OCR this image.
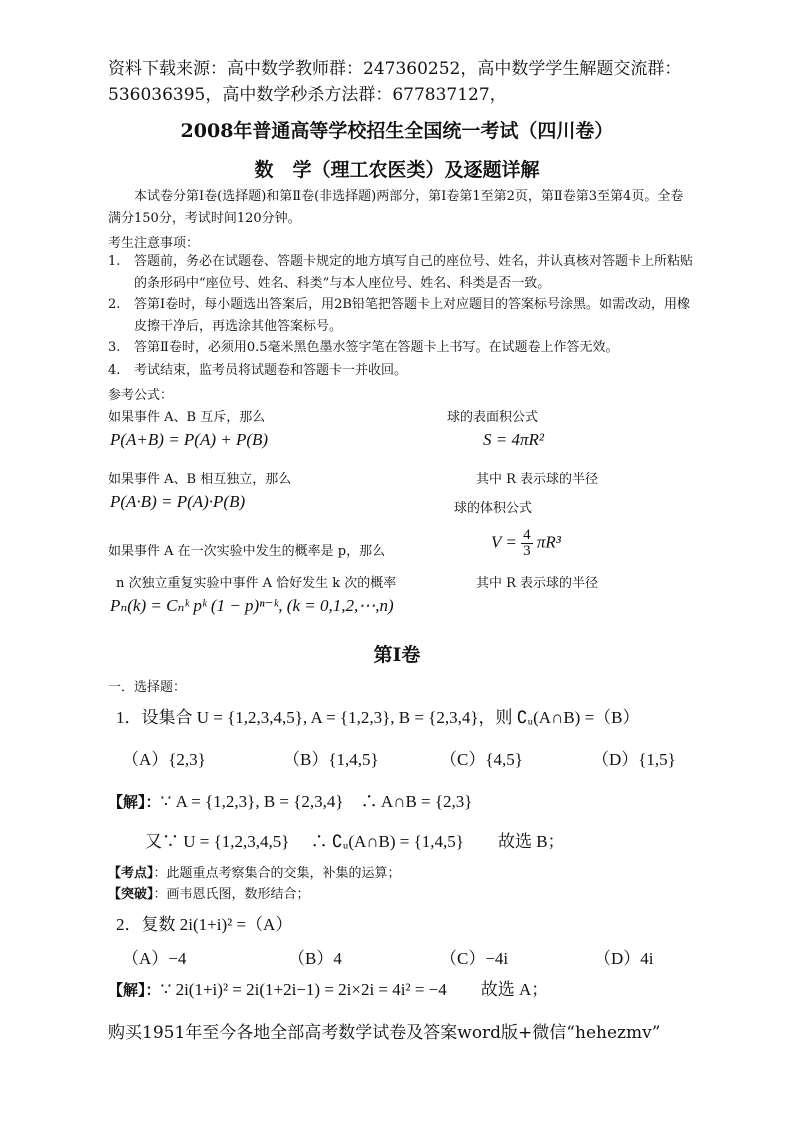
资料下载来源：高中数学教师群：247360252，高中数学学生解题交流群：
536036395，高中数学秒杀方法群：677837127，
2008年普通高等学校招生全国统一考试（四川卷）
数　学（理工农医类）及逐题详解
本试卷分第Ⅰ卷(选择题)和第Ⅱ卷(非选择题)两部分，第Ⅰ卷第1至第2页，第Ⅱ卷第3至第4页。全卷满分150分，考试时间120分钟。
考生注意事项：
1. 答题前，务必在试题卷、答题卡规定的地方填写自己的座位号、姓名，并认真核对答题卡上所粘贴的条形码中“座位号、姓名、科类”与本人座位号、姓名、科类是否一致。
2. 答第Ⅰ卷时，每小题选出答案后，用2B铅笔把答题卡上对应题目的答案标号涂黑。如需改动，用橡皮擦干净后，再选涂其他答案标号。
3. 答第Ⅱ卷时，必须用0.5毫米黑色墨水签字笔在答题卡上书写。在试题卷上作答无效。
4. 考试结束，监考员将试题卷和答题卡一并收回。
参考公式：
如果事件 A、B 互斥，那么
P(A+B) = P(A) + P(B)
如果事件 A、B 相互独立，那么
P(A·B) = P(A)·P(B)
如果事件 A 在一次实验中发生的概率是 p，那么
n 次独立重复实验中事件 A 恰好发生 k 次的概率
Pₙ(k) = Cₙᵏ pᵏ (1 − p)ⁿ⁻ᵏ, (k = 0,1,2,⋯,n)
球的表面积公式
S = 4πR²
其中 R 表示球的半径
球的体积公式
$V = \frac{4}{3} \pi R^3$
其中 R 表示球的半径
第Ⅰ卷
一．选择题：
1．设集合 U = {1,2,3,4,5}, A = {1,2,3}, B = {2,3,4}，则 ∁ᵤ(A∩B) =（B）
（A）{2,3}	（B）{1,4,5}	（C）{4,5}	（D）{1,5}
【解】：∵ A = {1,2,3}, B = {2,3,4}　∴ A∩B = {2,3}
又∵ U = {1,2,3,4,5}　 ∴ ∁ᵤ(A∩B) = {1,4,5}　　故选 B；
【考点】：此题重点考察集合的交集，补集的运算；
【突破】：画韦恩氏图，数形结合；
2．复数 2i(1+i)² =（A）
（A）−4	（B）4	（C）−4i	（D）4i
【解】：∵ 2i(1+i)² = 2i(1+2i−1) = 2i×2i = 4i² = −4　　故选 A；
购买1951年至今各地全部高考数学试卷及答案word版+微信“hehezmv”
